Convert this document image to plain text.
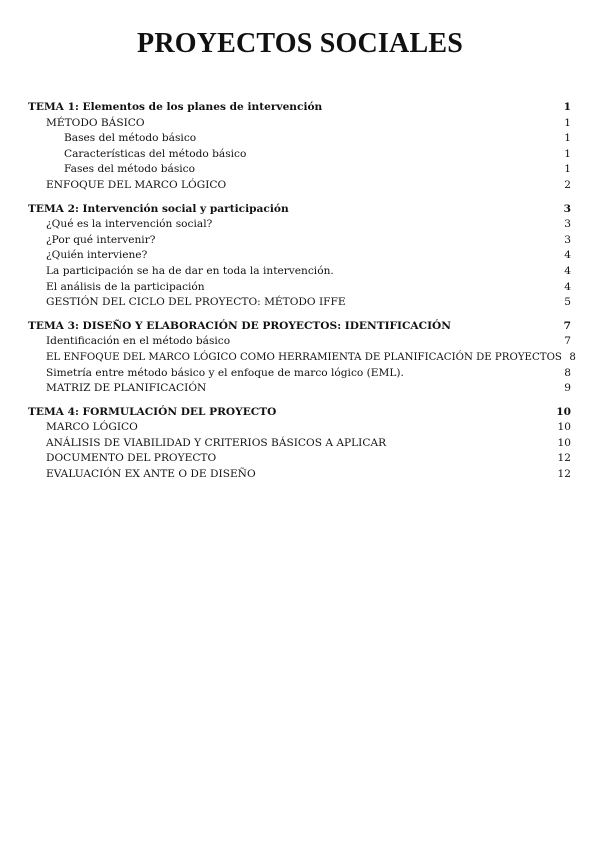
PROYECTOS SOCIALES
TEMA 1: Elementos de los planes de intervención	1
MÉTODO BÁSICO	1
Bases del método básico	1
Características del método básico	1
Fases del método básico	1
ENFOQUE DEL MARCO LÓGICO	2
TEMA 2: Intervención social y participación	3
¿Qué es la intervención social?	3
¿Por qué intervenir?	3
¿Quién interviene?	4
La participación se ha de dar en toda la intervención.	4
El análisis de la participación	4
GESTIÓN DEL CICLO DEL PROYECTO: MÉTODO IFFE	5
TEMA 3: DISEÑO Y ELABORACIÓN DE PROYECTOS: IDENTIFICACIÓN	7
Identificación en el método básico	7
EL ENFOQUE DEL MARCO LÓGICO COMO HERRAMIENTA DE PLANIFICACIÓN DE PROYECTOS 8
Simetría entre método básico y el enfoque de marco lógico (EML).	8
MATRIZ DE PLANIFICACIÓN	9
TEMA 4: FORMULACIÓN DEL PROYECTO	10
MARCO LÓGICO	10
ANÁLISIS DE VIABILIDAD Y CRITERIOS BÁSICOS A APLICAR	10
DOCUMENTO DEL PROYECTO	12
EVALUACIÓN EX ANTE O DE DISEÑO	12
